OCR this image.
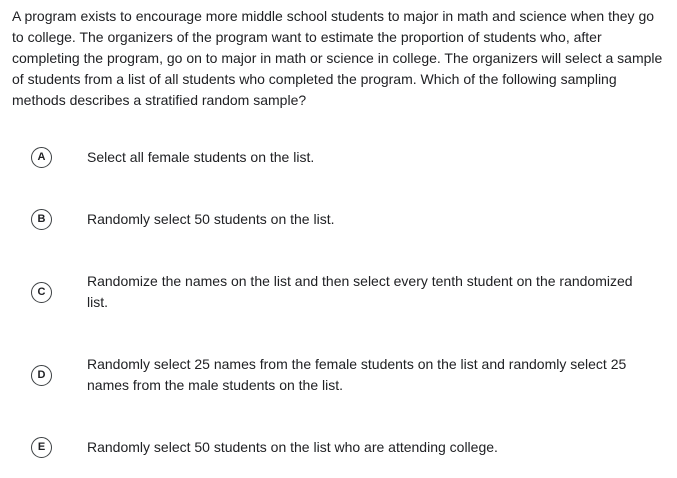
A program exists to encourage more middle school students to major in math and science when they go to college. The organizers of the program want to estimate the proportion of students who, after completing the program, go on to major in math or science in college. The organizers will select a sample of students from a list of all students who completed the program. Which of the following sampling methods describes a stratified random sample?

A	Select all female students on the list.
B	Randomly select 50 students on the list.
C
Randomize the names on the list and then select every tenth student on the randomized list.
D
Randomly select 25 names from the female students on the list and randomly select 25 names from the male students on the list.
E	Randomly select 50 students on the list who are attending college.
